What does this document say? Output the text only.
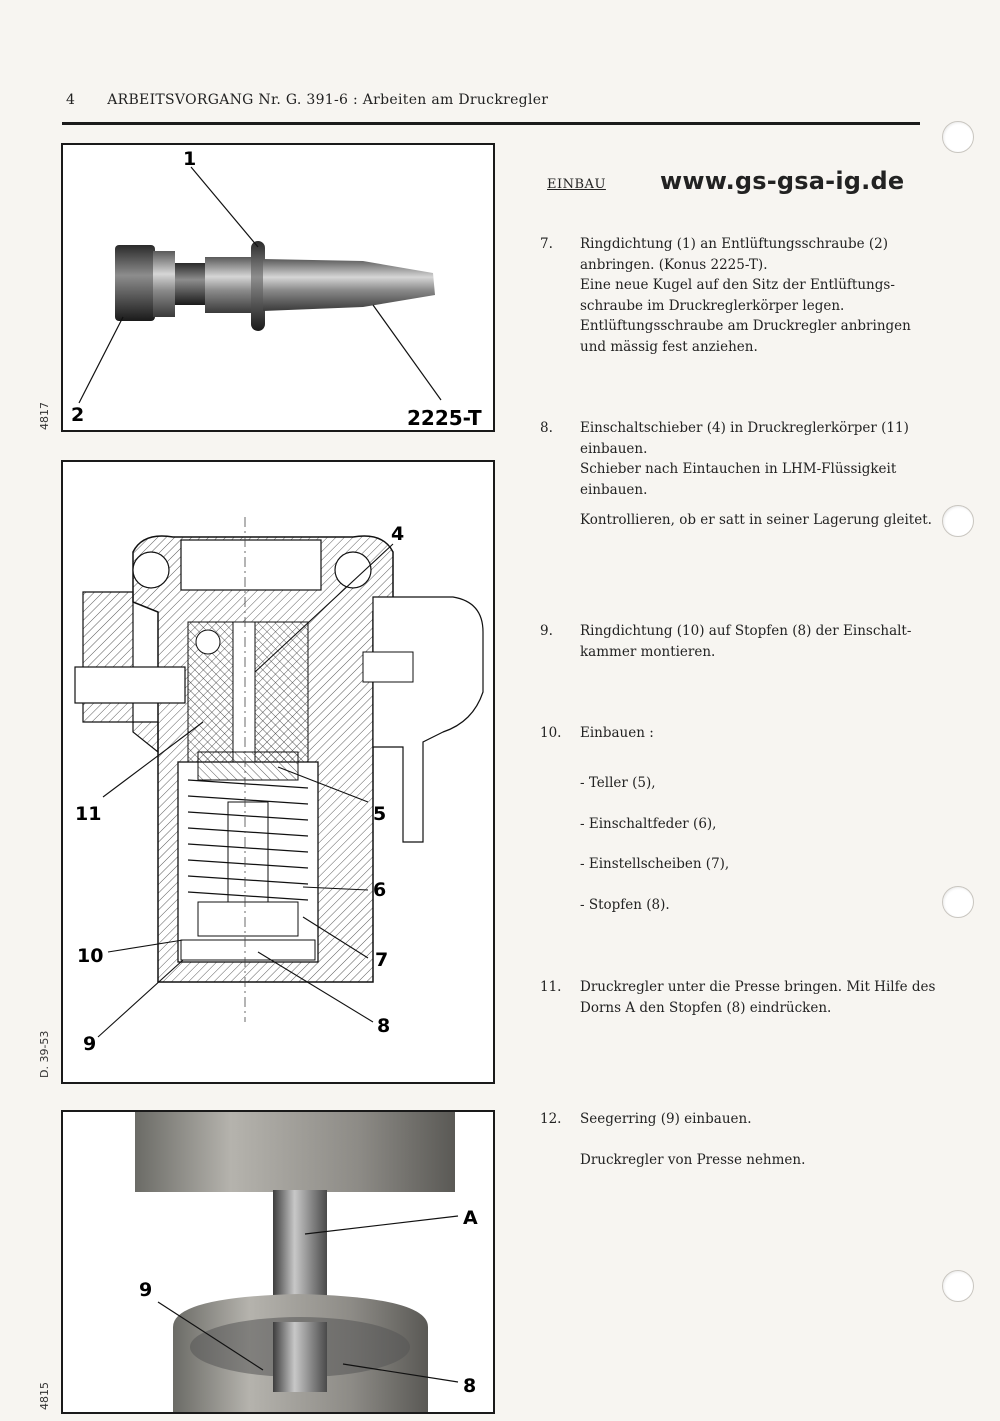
4 ARBEITSVORGANG Nr. G. 391-6 : Arbeiten am Druckregler
1
2	2225-T
4817
4
11	5
6
10	7
9
8
D. 39-53
A
9
8
4815
EINBAU www.gs-gsa-ig.de
7.	Ringdichtung (1) an Entlüftungsschraube (2) anbringen. (Konus 2225-T).

Eine neue Kugel auf den Sitz der Entlüftungs-schraube im Druckreglerkörper legen.

Entlüftungsschraube am Druckregler anbringen und mässig fest anziehen.

8.	Einschaltschieber (4) in Druckreglerkörper (11) einbauen.

Schieber nach Eintauchen in LHM-Flüssigkeit einbauen.

Kontrollieren, ob er satt in seiner Lagerung gleitet.

9.	Ringdichtung (10) auf Stopfen (8) der Einschalt-kammer montieren.

10.	Einbauen :

- Teller (5),
- Einschaltfeder (6),
- Einstellscheiben (7),
- Stopfen (8).
11.	Druckregler unter die Presse bringen. Mit Hilfe des Dorns A den Stopfen (8) eindrücken.

12.	Seegerring (9) einbauen.

Druckregler von Presse nehmen.
